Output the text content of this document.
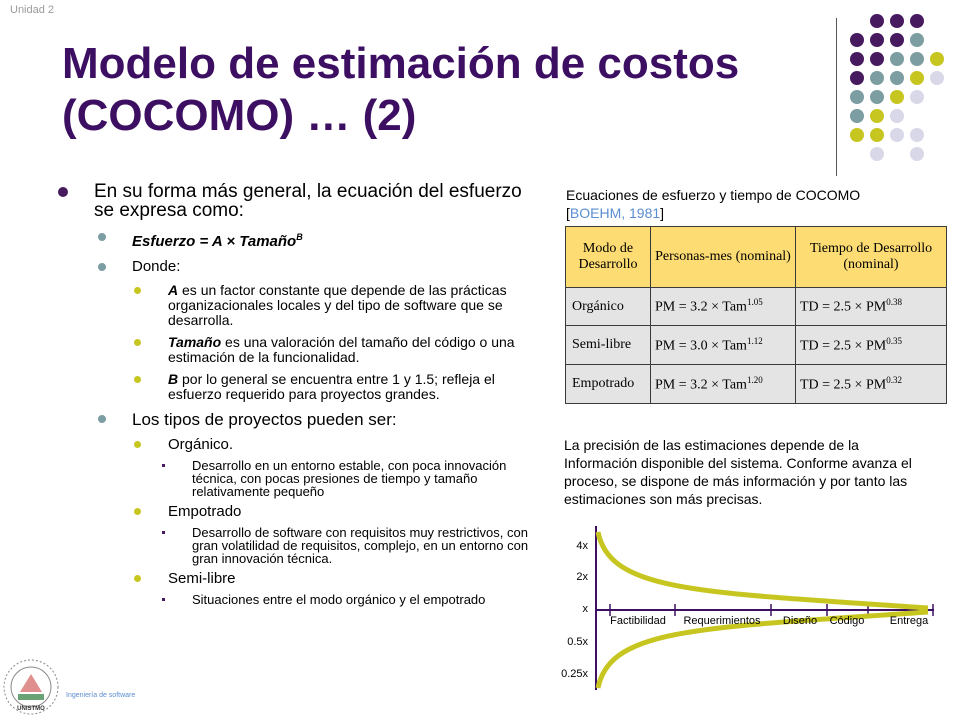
Unidad 2
Modelo de estimación de costos
(COCOMO) … (2)
En su forma más general, la ecuación del esfuerzo se expresa como:
Esfuerzo = A × Tamaño$^B$
Donde:
A es un factor constante que depende de las prácticas organizacionales locales y del tipo de software que se desarrolla.
Tamaño es una valoración del tamaño del código o una estimación de la funcionalidad.
B por lo general se encuentra entre 1 y 1.5; refleja el esfuerzo requerido para proyectos grandes.
Los tipos de proyectos pueden ser:
Orgánico.
Desarrollo en un entorno estable, con poca innovación técnica, con pocas presiones de tiempo y tamaño relativamente pequeño
Empotrado
Desarrollo de software con requisitos muy restrictivos, con gran volatilidad de requisitos, complejo, en un entorno con gran innovación técnica.
Semi-libre
Situaciones entre el modo orgánico y el empotrado
Ecuaciones de esfuerzo y tiempo de COCOMO
[BOEHM, 1981]
Modo de Desarrollo	Personas-mes (nominal)	Tiempo de Desarrollo (nominal)
Orgánico	PM = 3.2 × Tam$^{1.05}$	TD = $2.5 \times PM^{0.38}$
Semi-libre	PM = 3.0 × Tam$^{1.12}$	TD = $2.5 \times PM^{0.35}$
Empotrado	PM = 3.2 × Tam$^{1.20}$	TD = $2.5 \times PM^{0.32}$
La precisión de las estimaciones depende de la Información disponible del sistema. Conforme avanza el proceso, se dispone de más información y por tanto las estimaciones son más precisas.
4x
2x
x
0.5x
0.25x
Factibilidad Requerimientos Diseño Código Entrega
UNISTMO
Ingeniería de software
